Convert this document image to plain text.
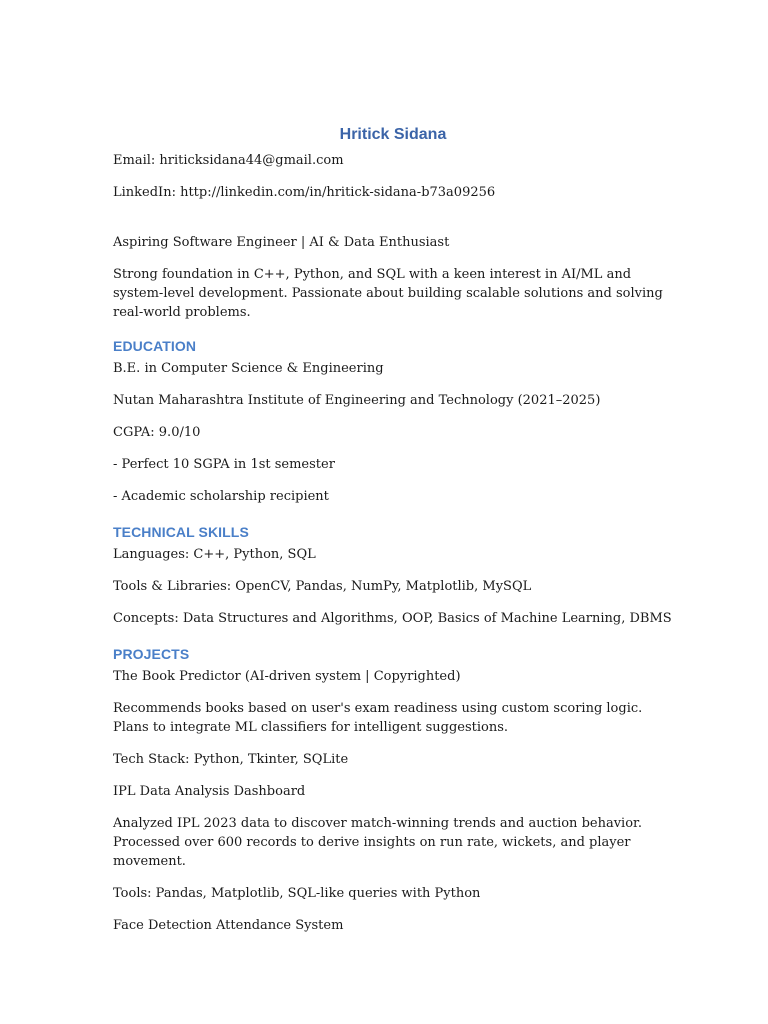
Hritick Sidana
Email: hriticksidana44@gmail.com
LinkedIn: http://linkedin.com/in/hritick-sidana-b73a09256
Aspiring Software Engineer | AI & Data Enthusiast
Strong foundation in C++, Python, and SQL with a keen interest in AI/ML and system-level development. Passionate about building scalable solutions and solving real-world problems.
EDUCATION
B.E. in Computer Science & Engineering
Nutan Maharashtra Institute of Engineering and Technology (2021–2025)
CGPA: 9.0/10
- Perfect 10 SGPA in 1st semester
- Academic scholarship recipient
TECHNICAL SKILLS
Languages: C++, Python, SQL
Tools & Libraries: OpenCV, Pandas, NumPy, Matplotlib, MySQL
Concepts: Data Structures and Algorithms, OOP, Basics of Machine Learning, DBMS
PROJECTS
The Book Predictor (AI-driven system | Copyrighted)
Recommends books based on user's exam readiness using custom scoring logic. Plans to integrate ML classifiers for intelligent suggestions.
Tech Stack: Python, Tkinter, SQLite
IPL Data Analysis Dashboard
Analyzed IPL 2023 data to discover match-winning trends and auction behavior. Processed over 600 records to derive insights on run rate, wickets, and player movement.
Tools: Pandas, Matplotlib, SQL-like queries with Python
Face Detection Attendance System
